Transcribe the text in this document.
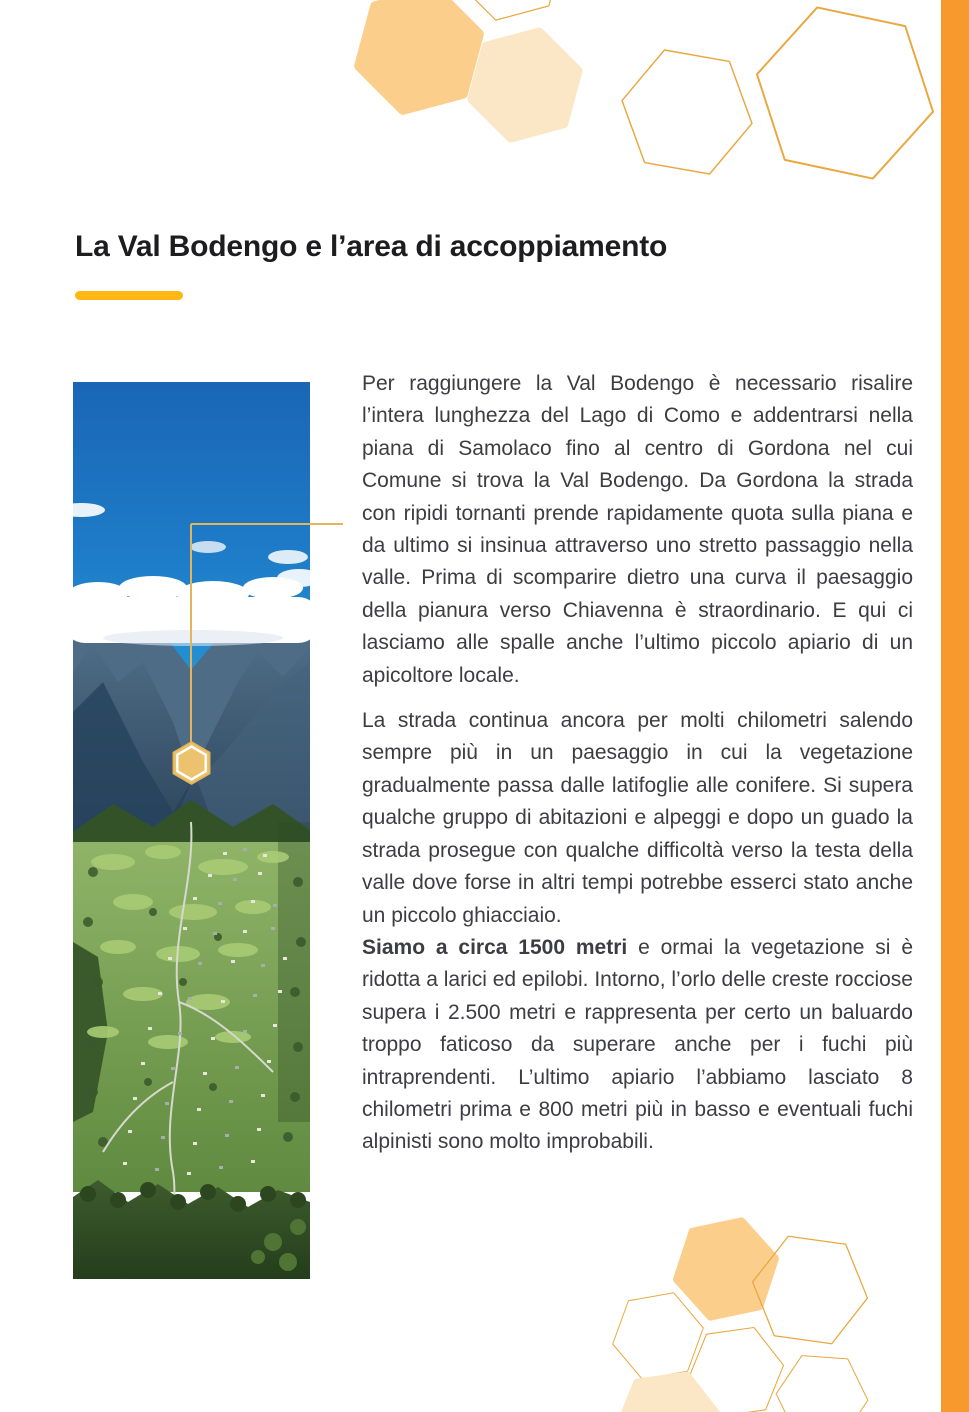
La Val Bodengo e l’area di accoppiamento

Per raggiungere la Val Bodengo è necessario risalire l’intera lunghezza del Lago di Como e addentrarsi nella piana di Samolaco fino al centro di Gordona nel cui Comune si trova la Val Bodengo. Da Gordona la strada con ripidi tornanti prende rapidamente quota sulla piana e da ultimo si insinua attraverso uno stretto passaggio nella valle. Prima di scomparire dietro una curva il paesaggio della pianura verso Chiavenna è straordinario. E qui ci lasciamo alle spalle anche l’ultimo piccolo apiario di un apicoltore locale.

La strada continua ancora per molti chilometri salendo sempre più in un paesaggio in cui la vegetazione gradualmente passa dalle latifoglie alle conifere. Si supera qualche gruppo di abitazioni e alpeggi e dopo un guado la strada prosegue con qualche difficoltà verso la testa della valle dove forse in altri tempi potrebbe esserci stato anche un piccolo ghiacciaio.

Siamo a circa 1500 metri e ormai la vegetazione si è ridotta a larici ed epilobi. Intorno, l’orlo delle creste rocciose supera i 2.500 metri e rappresenta per certo un baluardo troppo faticoso da superare anche per i fuchi più intraprendenti. L’ultimo apiario l’abbiamo lasciato 8 chilometri prima e 800 metri più in basso e eventuali fuchi alpinisti sono molto improbabili.
